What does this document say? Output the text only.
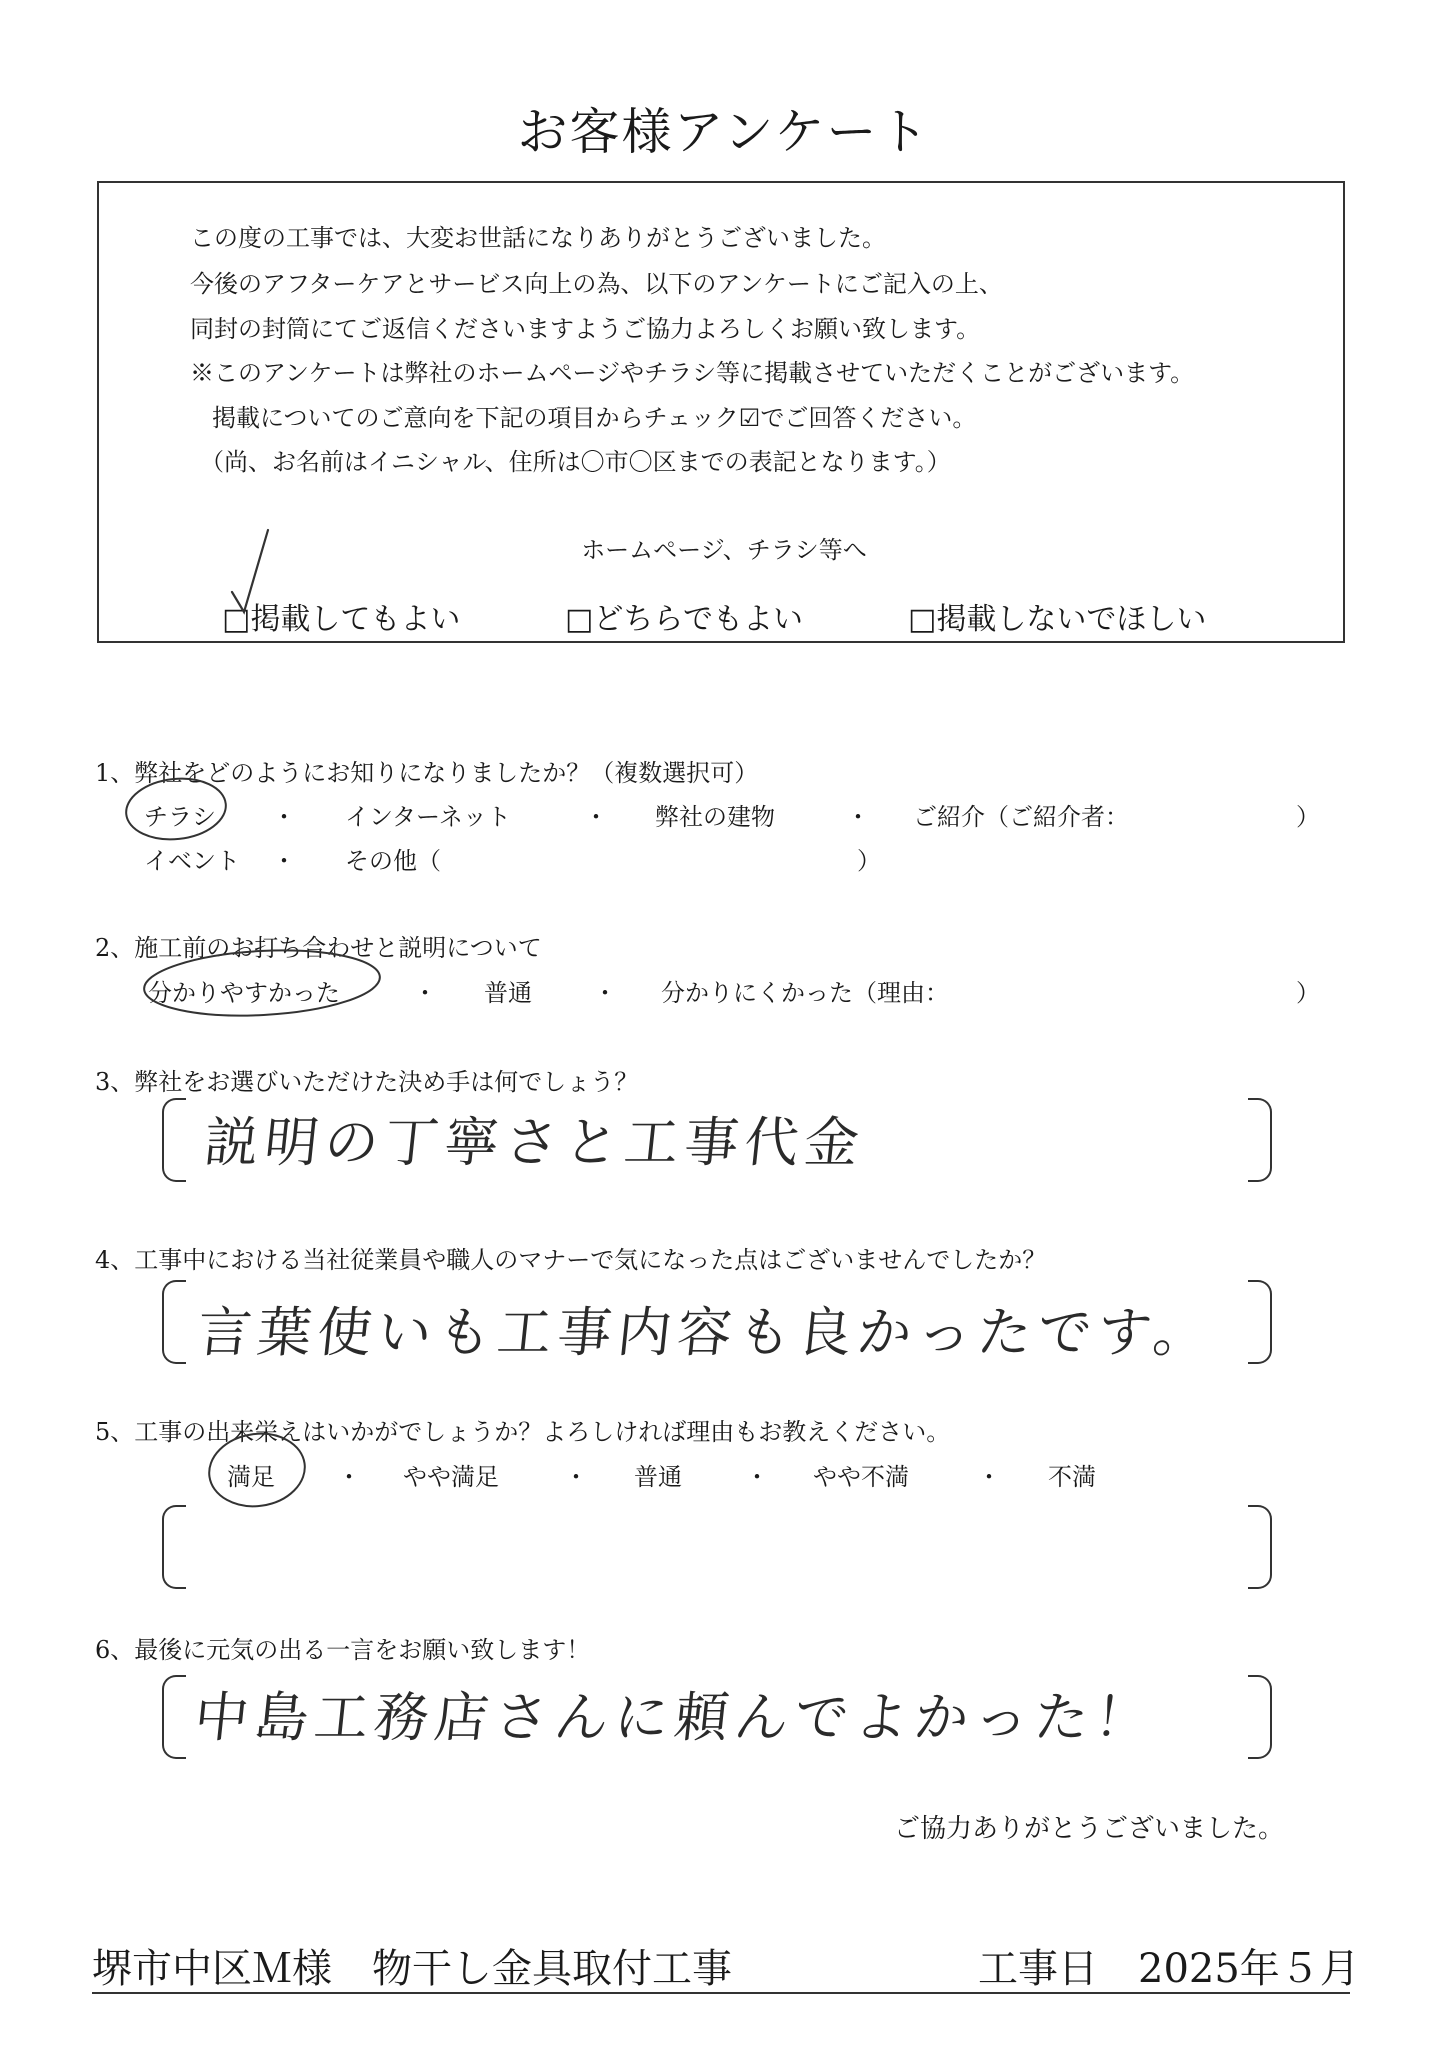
お客様アンケート
この度の工事では、大変お世話になりありがとうございました。
今後のアフターケアとサービス向上の為、以下のアンケートにご記入の上、
同封の封筒にてご返信くださいますようご協力よろしくお願い致します。
※このアンケートは弊社のホームページやチラシ等に掲載させていただくことがございます。
掲載についてのご意向を下記の項目からチェック☑でご回答ください。
（尚、お名前はイニシャル、住所は〇市〇区までの表記となります。）
ホームページ、チラシ等へ
□掲載してもよい	□どちらでもよい	□掲載しないでほしい
1、弊社をどのようにお知りになりましたか？（複数選択可）
チラシ ・ インターネット	・ 弊社の建物	・ ご紹介（ご紹介者：	）
イベント ・ その他（	）
2、施工前のお打ち合わせと説明について
分かりやすかった	・ 普通	・ 分かりにくかった（理由：	）
3、弊社をお選びいただけた決め手は何でしょう？
説明の丁寧さと工事代金
4、工事中における当社従業員や職人のマナーで気になった点はございませんでしたか？
言葉使いも工事内容も良かったです。
5、工事の出来栄えはいかがでしょうか？よろしければ理由もお教えください。
満足	・ やや満足	・ 普通	・ やや不満	・ 不満
6、最後に元気の出る一言をお願い致します！
中島工務店さんに頼んでよかった！
ご協力ありがとうございました。
堺市中区Ｍ様　物干し金具取付工事	工事日　2025年５月
